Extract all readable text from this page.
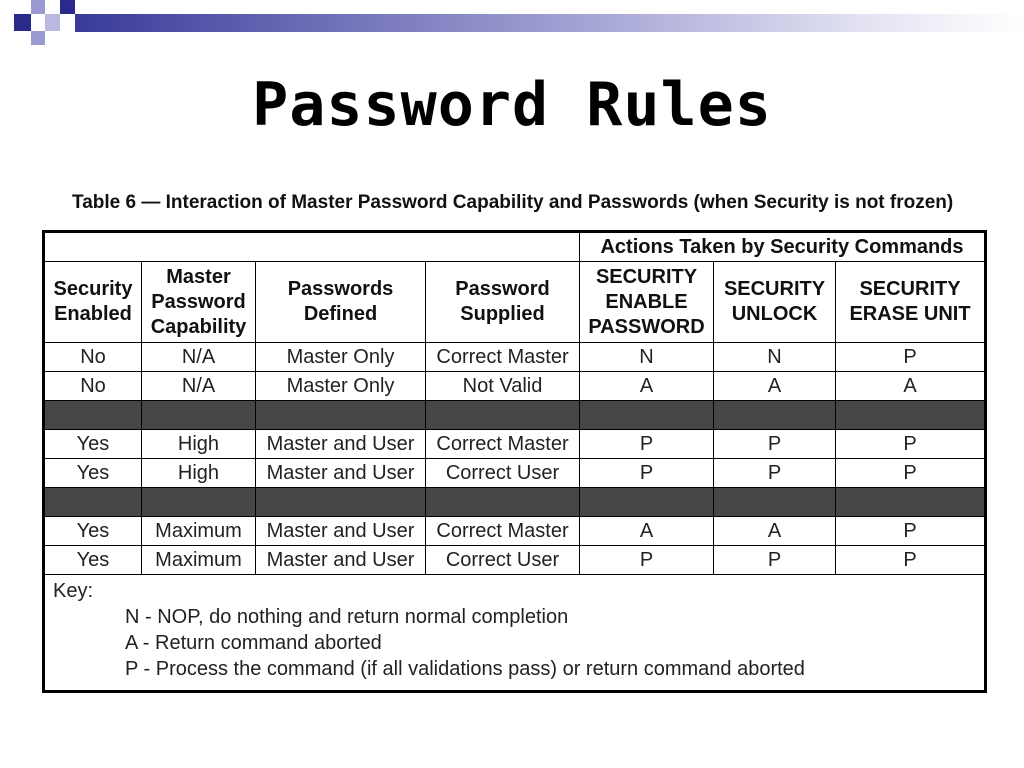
Password Rules
Table 6 — Interaction of Master Password Capability and Passwords (when Security is not frozen)
				Actions Taken by Security Commands		
Security Enabled	Master Password Capability	Passwords Defined	Password Supplied	SECURITY ENABLE PASSWORD	SECURITY UNLOCK	SECURITY ERASE UNIT
No	N/A	Master Only	Correct Master	N	N	P
No	N/A	Master Only	Not Valid	A	A	A

Yes	High	Master and User	Correct Master	P	P	P
Yes	High	Master and User	Correct User	P	P	P

Yes	Maximum	Master and User	Correct Master	A	A	P
Yes	Maximum	Master and User	Correct User	P	P	P

Key:
N - NOP, do nothing and return normal completion
A - Return command aborted
P - Process the command (if all validations pass) or return command aborted						
